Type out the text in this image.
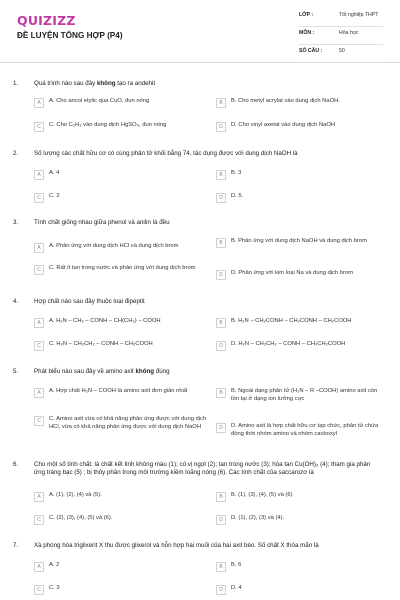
QUIZIZZ
ĐỀ LUYỆN TỔNG HỢP (P4)
LỚP :	Tốt nghiệp THPT
MÔN :	Hóa học
SỐ CÂU :	50
1.	Quá trình nào sau đây không tạo ra andehit
A	A. Cho ancol etylic qua CuO, đun nóng	B	B. Cho metyl acrylat vào dung dịch NaOH.
C	C. Cho C₂H₂ vào dung dịch HgSO₄, đun nóng	D	D. Cho vinyl axetat vào dung dịch NaOH
2.	Số lượng các chất hữu cơ có cùng phân tử khối bằng 74, tác dụng được với dung dịch NaOH là
A	A. 4	B	B. 3
C	C. 2	D	D. 5.
3.	Tính chất giống nhau giữa phenol và anilin là đều
A	A. Phản ứng với dung dịch HCl và dung dịch brom	B	B. Phản ứng với dung dịch NaOH và dung dịch brom
C	C. Rất ít tan trong nước và phản ứng với dung dịch brom
D	D. Phản ứng với kim loại Na và dung dịch brom
4.	Hợp chất nào sau đây thuộc loại đipeptit
A	A. H₂N – CH₂ – CONH – CH(CH₃) – COOH	B	B. H₂N – CH₂CONH – CH₂CONH – CH₂COOH
C	C. H₂N – CH₂CH₂ – CONH – CH₂COOH	D	D. H₂N – CH₂CH₂ – CONH – CH₂CH₂COOH
5.	Phát biểu nào sau đây về amino axit không đúng
A	A. Hợp chất H₂N – COOH là amino axit đơn giản nhất	B	B. Ngoài dạng phân tử (H₂N – R –COOH) amino axit còn tồn tại ở dạng ion lưỡng cực
C	C. Amino axit vừa có khả năng phản ứng được với dung dịch HCl, vừa có khả năng phản ứng được với dung dịch NaOH	D	D. Amino axit là hợp chất hữu cơ tạp chức, phân tử chứa đồng thời nhóm amino và nhóm cacboxyl
6.	Cho một số tính chất: là chất kết tinh không màu (1); có vị ngọt (2); tan trong nước (3); hòa tan Cu(OH)₂ (4); tham gia phản ứng tráng bạc (5) ; bị thủy phân trong môi trường kiềm loãng nóng (6). Các tính chất của saccarozơ là
A	A. (1), (2), (4) và (5).	B	B. (1), (3), (4), (5) và (6)
C	C. (2), (3), (4), (5) và (6).	D	D. (1), (2), (3) và (4).
7.	Xà phòng hóa triglixerit X thu được glixerol và hỗn hợp hai muối của hai axit béo. Số chất X thỏa mãn là
A	A. 2	B	B. 6
C	C. 3	D	D. 4
